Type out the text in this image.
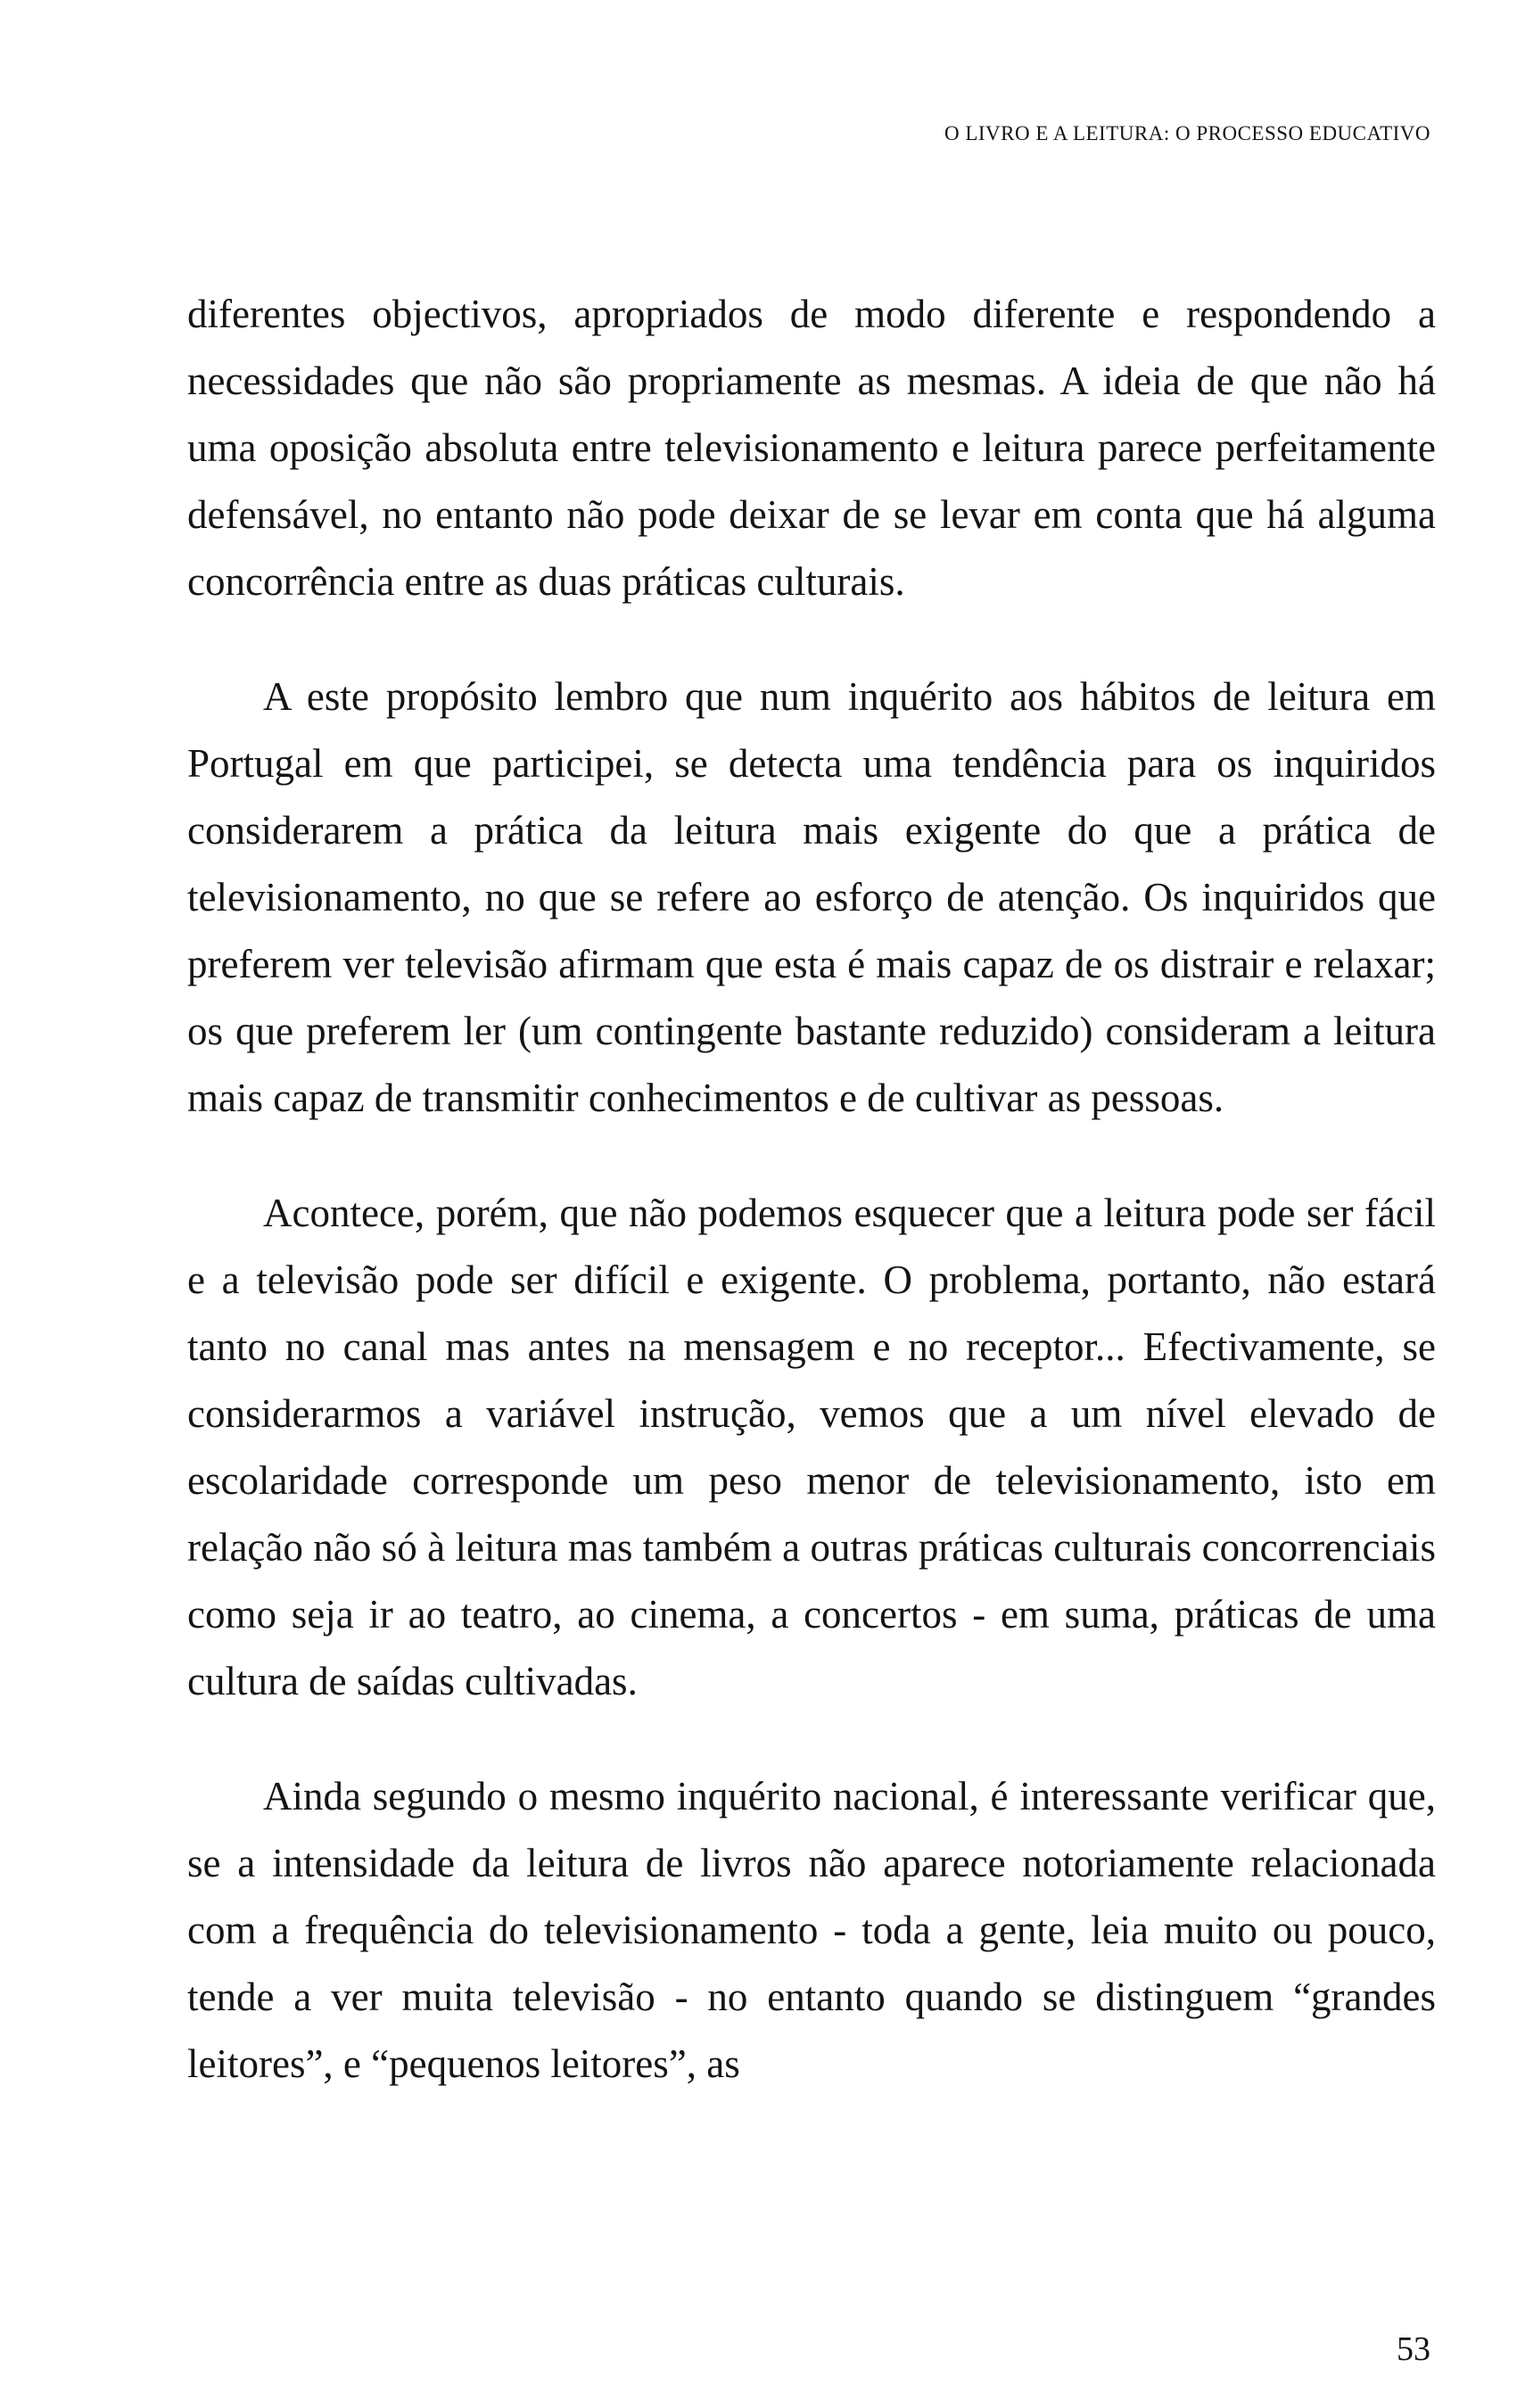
O LIVRO E A LEITURA: O PROCESSO EDUCATIVO

diferentes objectivos, apropriados de modo diferente e respondendo a necessidades que não são propriamente as mesmas. A ideia de que não há uma oposição absoluta entre televisionamento e leitura parece perfeitamente defensável, no entanto não pode deixar de se levar em conta que há alguma concorrência entre as duas práticas culturais.

A este propósito lembro que num inquérito aos hábitos de leitura em Portugal em que participei, se detecta uma tendência para os inquiridos considerarem a prática da leitura mais exigente do que a prática de televisionamento, no que se refere ao esforço de atenção. Os inquiridos que preferem ver televisão afirmam que esta é mais capaz de os distrair e relaxar; os que preferem ler (um contingente bastante reduzido) consideram a leitura mais capaz de transmitir conhecimentos e de cultivar as pessoas.

Acontece, porém, que não podemos esquecer que a leitura pode ser fácil e a televisão pode ser difícil e exigente. O problema, portanto, não estará tanto no canal mas antes na mensagem e no receptor... Efectivamente, se considerarmos a variável instrução, vemos que a um nível elevado de escolaridade corresponde um peso menor de televisionamento, isto em relação não só à leitura mas também a outras práticas culturais concorrenciais como seja ir ao teatro, ao cinema, a concertos - em suma, práticas de uma cultura de saídas cultivadas.

Ainda segundo o mesmo inquérito nacional, é interessante verificar que, se a intensidade da leitura de livros não aparece notoriamente relacionada com a frequência do televisionamento - toda a gente, leia muito ou pouco, tende a ver muita televisão - no entanto quando se distinguem “grandes leitores”, e “pequenos leitores”, as

53
